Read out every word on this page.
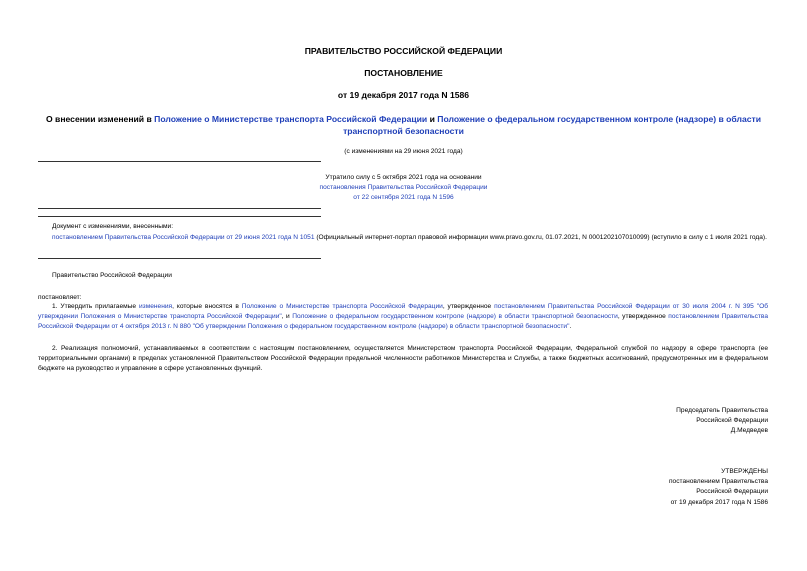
ПРАВИТЕЛЬСТВО РОССИЙСКОЙ ФЕДЕРАЦИИ
ПОСТАНОВЛЕНИЕ
от 19 декабря 2017 года N 1586
О внесении изменений в Положение о Министерстве транспорта Российской Федерации и Положение о федеральном государственном контроле (надзоре) в области транспортной безопасности
(с изменениями на 29 июня 2021 года)
Утратило силу с 5 октября 2021 года на основании
постановления Правительства Российской Федерации
от 22 сентября 2021 года N 1596
Документ с изменениями, внесенными:
постановлением Правительства Российской Федерации от 29 июня 2021 года N 1051 (Официальный интернет-портал правовой информации www.pravo.gov.ru, 01.07.2021, N 0001202107010099) (вступило в силу с 1 июля 2021 года).
Правительство Российской Федерации
постановляет:
1. Утвердить прилагаемые изменения, которые вносятся в Положение о Министерстве транспорта Российской Федерации, утвержденное постановлением Правительства Российской Федерации от 30 июля 2004 г. N 395 "Об утверждении Положения о Министерстве транспорта Российской Федерации", и Положение о федеральном государственном контроле (надзоре) в области транспортной безопасности, утвержденное постановлением Правительства Российской Федерации от 4 октября 2013 г. N 880 "Об утверждении Положения о федеральном государственном контроле (надзоре) в области транспортной безопасности".
2. Реализация полномочий, устанавливаемых в соответствии с настоящим постановлением, осуществляется Министерством транспорта Российской Федерации, Федеральной службой по надзору в сфере транспорта (ее территориальными органами) в пределах установленной Правительством Российской Федерации предельной численности работников Министерства и Службы, а также бюджетных ассигнований, предусмотренных им в федеральном бюджете на руководство и управление в сфере установленных функций.
Председатель Правительства
Российской Федерации
Д.Медведев
УТВЕРЖДЕНЫ
постановлением Правительства
Российской Федерации
от 19 декабря 2017 года N 1586
